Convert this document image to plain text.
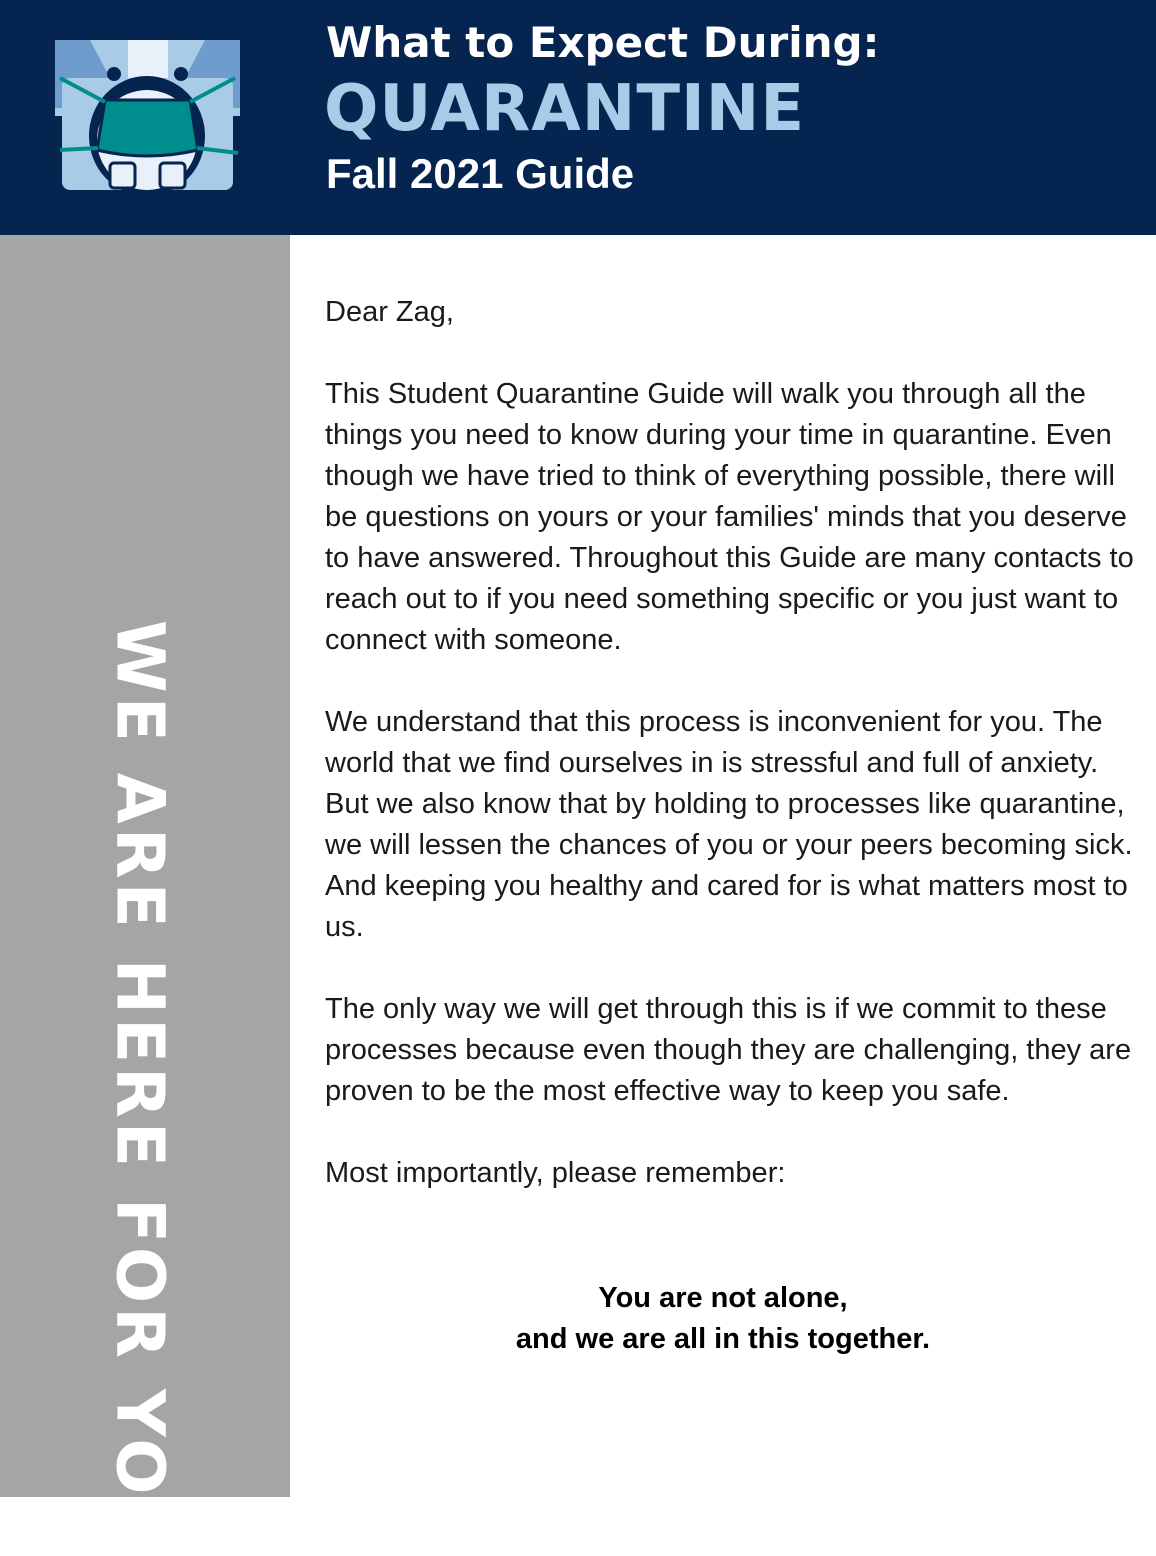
What to Expect During:
QUARANTINE
Fall 2021 Guide
WE ARE HERE FOR YOU

Dear Zag,

This Student Quarantine Guide will walk you through all the things you need to know during your time in quarantine. Even though we have tried to think of everything possible, there will be questions on yours or your families' minds that you deserve to have answered. Throughout this Guide are many contacts to reach out to if you need something specific or you just want to connect with someone.

We understand that this process is inconvenient for you. The world that we find ourselves in is stressful and full of anxiety. But we also know that by holding to processes like quarantine, we will lessen the chances of you or your peers becoming sick. And keeping you healthy and cared for is what matters most to us.

The only way we will get through this is if we commit to these processes because even though they are challenging, they are proven to be the most effective way to keep you safe.

Most importantly, please remember:

You are not alone,
and we are all in this together.
